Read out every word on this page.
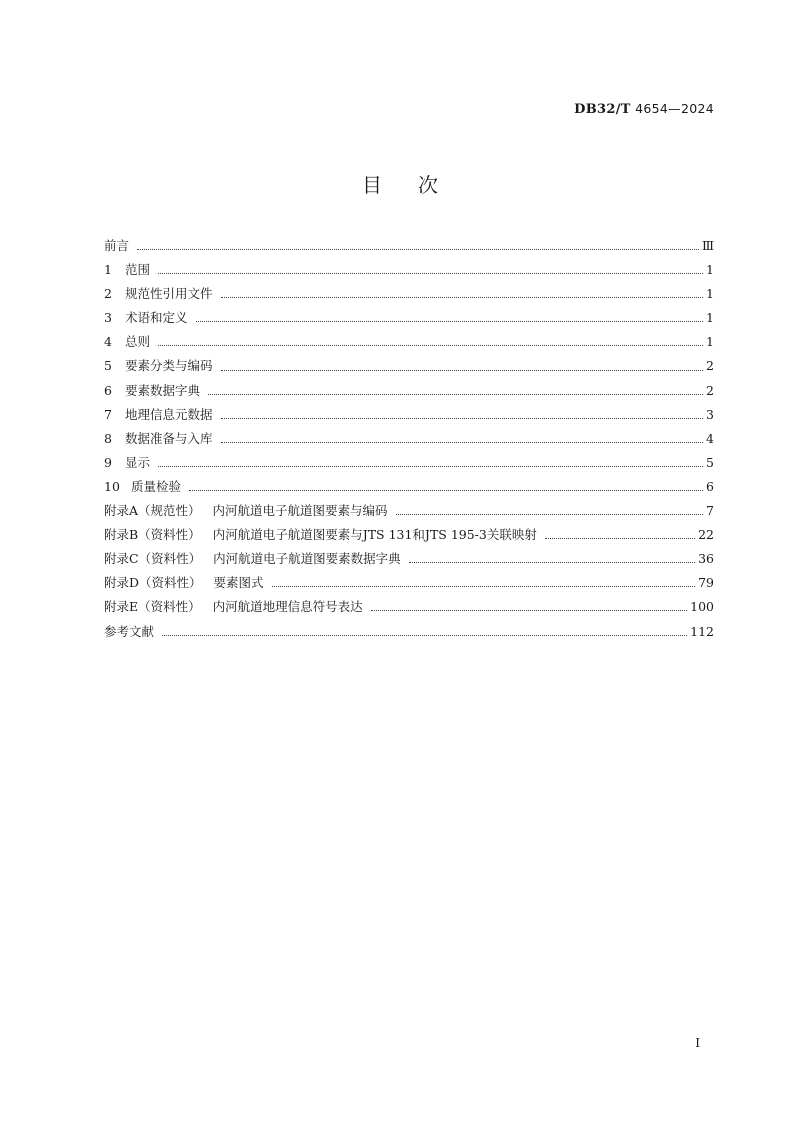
DB32/T 4654—2024
目次
前言	Ⅲ
1	范围	1
2	规范性引用文件	1
3	术语和定义	1
4	总则	1
5	要素分类与编码	2
6	要素数据字典	2
7	地理信息元数据	3
8	数据准备与入库	4
9	显示	5
10 质量检验	6
附录A（规范性） 内河航道电子航道图要素与编码	7
附录B（资料性） 内河航道电子航道图要素与JTS 131和JTS 195-3关联映射	22
附录C（资料性） 内河航道电子航道图要素数据字典	36
附录D（资料性） 要素图式	79
附录E（资料性） 内河航道地理信息符号表达	100
参考文献	112
I
